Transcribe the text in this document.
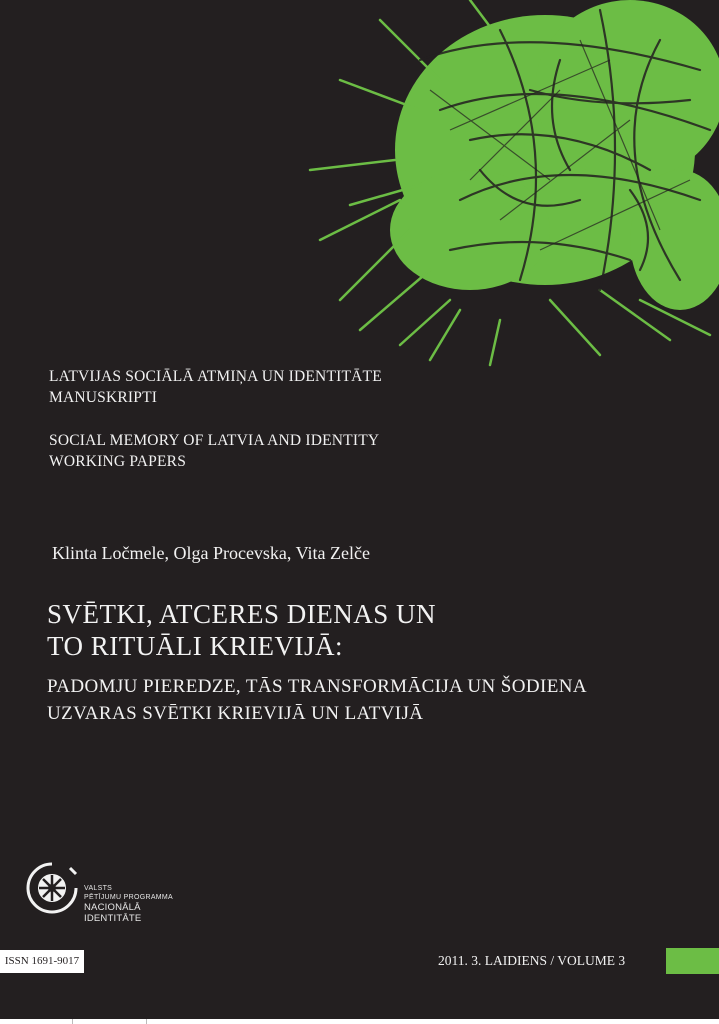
LATVIJAS SOCIĀLĀ ATMIŅA UN IDENTITĀTE
MANUSKRIPTI
SOCIAL MEMORY OF LATVIA AND IDENTITY
WORKING PAPERS
Klinta Ločmele, Olga Procevska, Vita Zelče
SVĒTKI, ATCERES DIENAS UN
TO RITUĀLI KRIEVIJĀ:
PADOMJU PIEREDZE, TĀS TRANSFORMĀCIJA UN ŠODIENA
UZVARAS SVĒTKI KRIEVIJĀ UN LATVIJĀ
VALSTS
PĒTĪJUMU PROGRAMMA
NACIONĀLĀ
IDENTITĀTE
ISSN 1691-9017	2011. 3. LAIDIENS / VOLUME 3
